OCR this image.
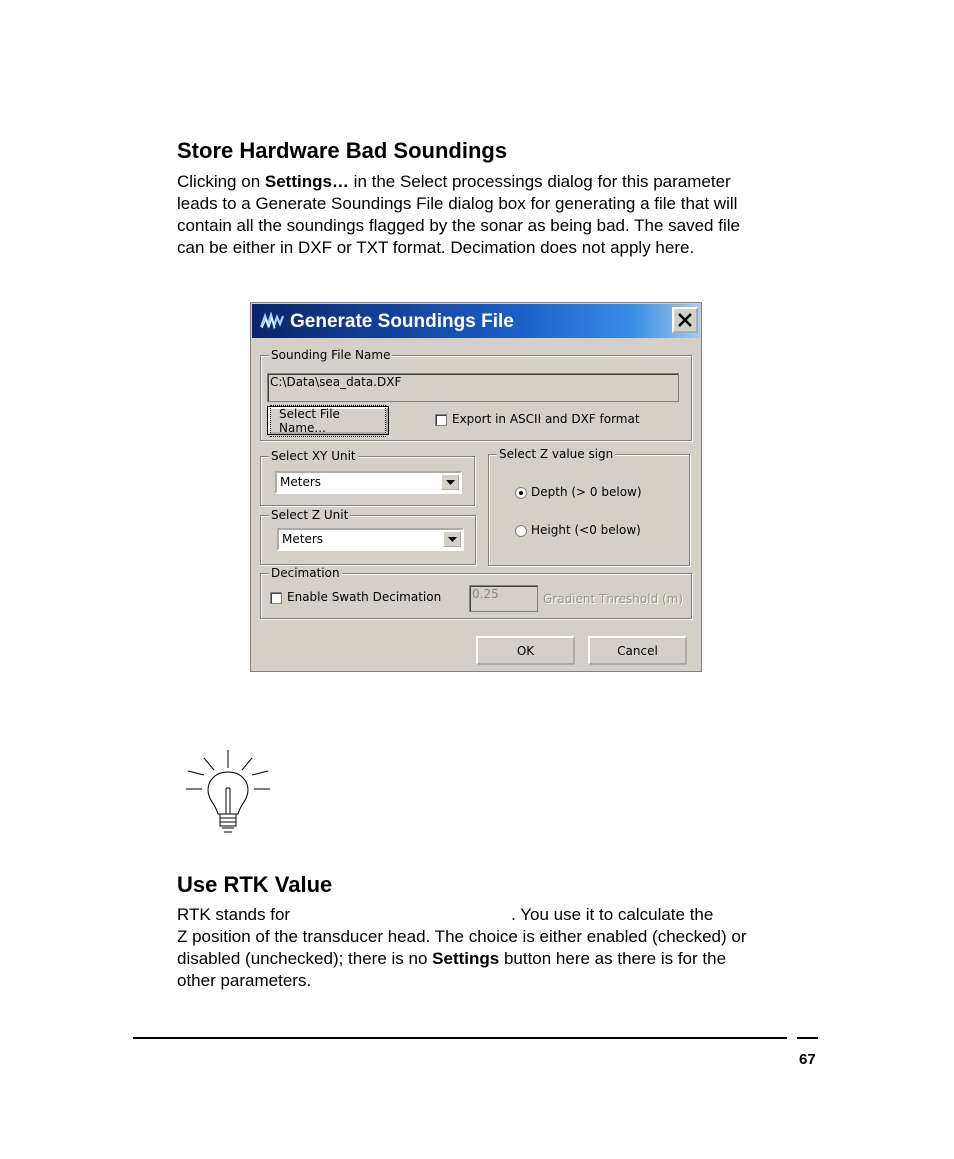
Store Hardware Bad Soundings

Clicking on Settings… in the Select processings dialog for this parameter
leads to a Generate Soundings File dialog box for generating a file that will
contain all the soundings flagged by the sonar as being bad. The saved file
can be either in DXF or TXT format. Decimation does not apply here.

Generate Soundings File
Sounding File Name
C:\Data\sea_data.DXF
Select File Name...
Export in ASCII and DXF format
Select XY Unit
Meters
Select Z Unit
Meters
Select Z value sign
Depth (> 0 below)
Height (<0 below)
Decimation
Enable Swath Decimation	0.25	Gradient Threshold (m)
OK	Cancel
Use RTK Value

RTK stands for	. You use it to calculate the
Z position of the transducer head. The choice is either enabled (checked) or
disabled (unchecked); there is no Settings button here as there is for the
other parameters.

67
